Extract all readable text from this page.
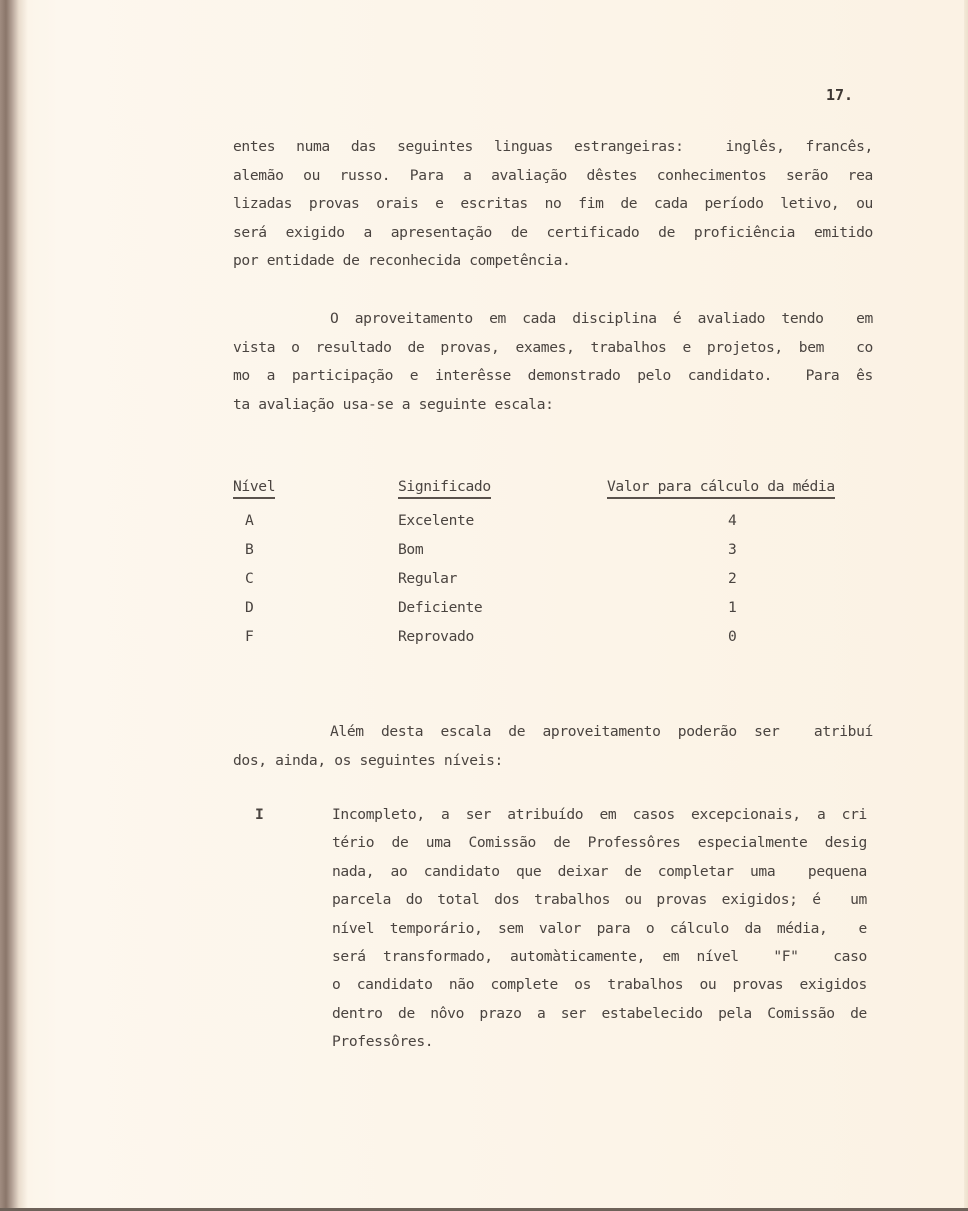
17.
entes numa das seguintes linguas estrangeiras:  inglês, francês,
alemão ou russo. Para a avaliação dêstes conhecimentos serão rea
lizadas provas orais e escritas no fim de cada período letivo, ou
será exigido a apresentação de certificado de proficiência emitido
por entidade de reconhecida competência.
O aproveitamento em cada disciplina é avaliado tendo  em
vista o resultado de provas, exames, trabalhos e projetos, bem  co
mo a participação e interêsse demonstrado pelo candidato.  Para ês
ta avaliação usa-se a seguinte escala:
Nível	Significado	Valor para cálculo da média
A	Excelente	4
B	Bom	3
C	Regular	2
D	Deficiente	1
F	Reprovado	0
Além desta escala de aproveitamento poderão ser  atribuí
dos, ainda, os seguintes níveis:
I	Incompleto, a ser atribuído em casos excepcionais, a cri
tério de uma Comissão de Professôres especialmente desig
nada, ao candidato que deixar de completar uma  pequena
parcela do total dos trabalhos ou provas exigidos; é  um
nível temporário, sem valor para o cálculo da média,  e
será transformado, automàticamente, em nível  "F"  caso
o candidato não complete os trabalhos ou provas exigidos
dentro de nôvo prazo a ser estabelecido pela Comissão de
Professôres.
